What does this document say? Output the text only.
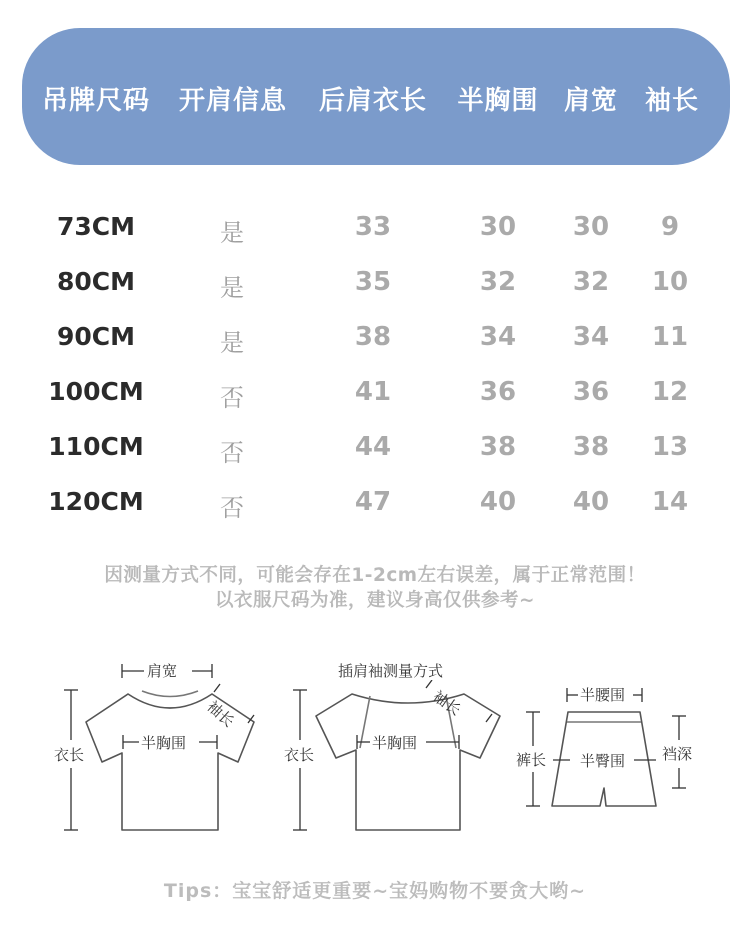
吊牌尺码 开肩信息 后肩衣长 半胸围 肩宽 袖长
73CM	是	33	30 30 9
80CM	是	35	32 32 10
90CM	是	38	34 34 11
100CM	否	41	36 36 12
110CM	否	44	38 38 13
120CM	否	47	40 40 14
因测量方式不同，可能会存在1-2cm左右误差，属于正常范围！
以衣服尺码为准，建议身高仅供参考~
肩宽
袖长
衣长
半胸围
插肩袖测量方式
袖长
衣长
半胸围
半腰围
裤长 半臀围 裆深
Tips：宝宝舒适更重要~宝妈购物不要贪大哟~
